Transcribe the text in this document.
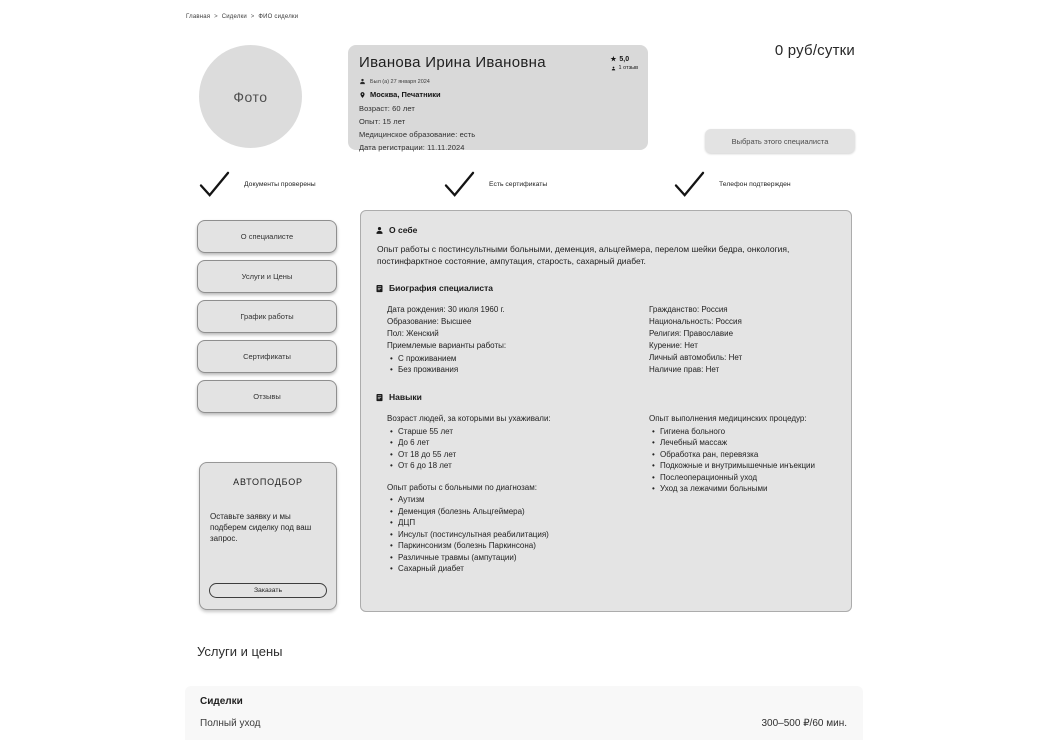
Главная > Сиделки > ФИО сиделки
Фото
Иванова Ирина Ивановна	★ 5,0
1 отзыв
Был (а) 27 января 2024
Москва, Печатники
Возраст: 60 лет
Опыт: 15 лет
Медицинское образование: есть
Дата регистрации: 11.11.2024
0 руб/сутки
Выбрать этого специалиста
Документы проверены	Есть сертификаты	Телефон подтвержден
О специалисте
Услуги и Цены
График работы
Сертификаты
Отзывы
АВТОПОДБОР
Оставьте заявку и мы подберем сиделку под ваш запрос.
Заказать
О себе
Опыт работы с постинсультными больными, деменция, альцгеймера, перелом шейки бедра, онкология, постинфарктное состояние, ампутация, старость, сахарный диабет.
Биография специалиста
Дата рождения: 30 июля 1960 г.
Образование: Высшее
Пол: Женский
Приемлемые варианты работы:
• С проживанием
• Без проживания
Гражданство: Россия
Национальность: Россия
Религия: Православие
Курение: Нет
Личный автомобиль: Нет
Наличие прав: Нет
Навыки
Возраст людей, за которыми вы ухаживали:
• Старше 55 лет
• До 6 лет
• От 18 до 55 лет
• От 6 до 18 лет
Опыт работы с больными по диагнозам:
• Аутизм
• Деменция (болезнь Альцгеймера)
• ДЦП
• Инсульт (постинсультная реабилитация)
• Паркинсонизм (болезнь Паркинсона)
• Различные травмы (ампутации)
• Сахарный диабет
Опыт выполнения медицинских процедур:
• Гигиена больного
• Лечебный массаж
• Обработка ран, перевязка
• Подкожные и внутримышечные инъекции
• Послеоперационный уход
• Уход за лежачими больными
Услуги и цены
Сиделки
Полный уход	300–500 ₽/60 мин.
